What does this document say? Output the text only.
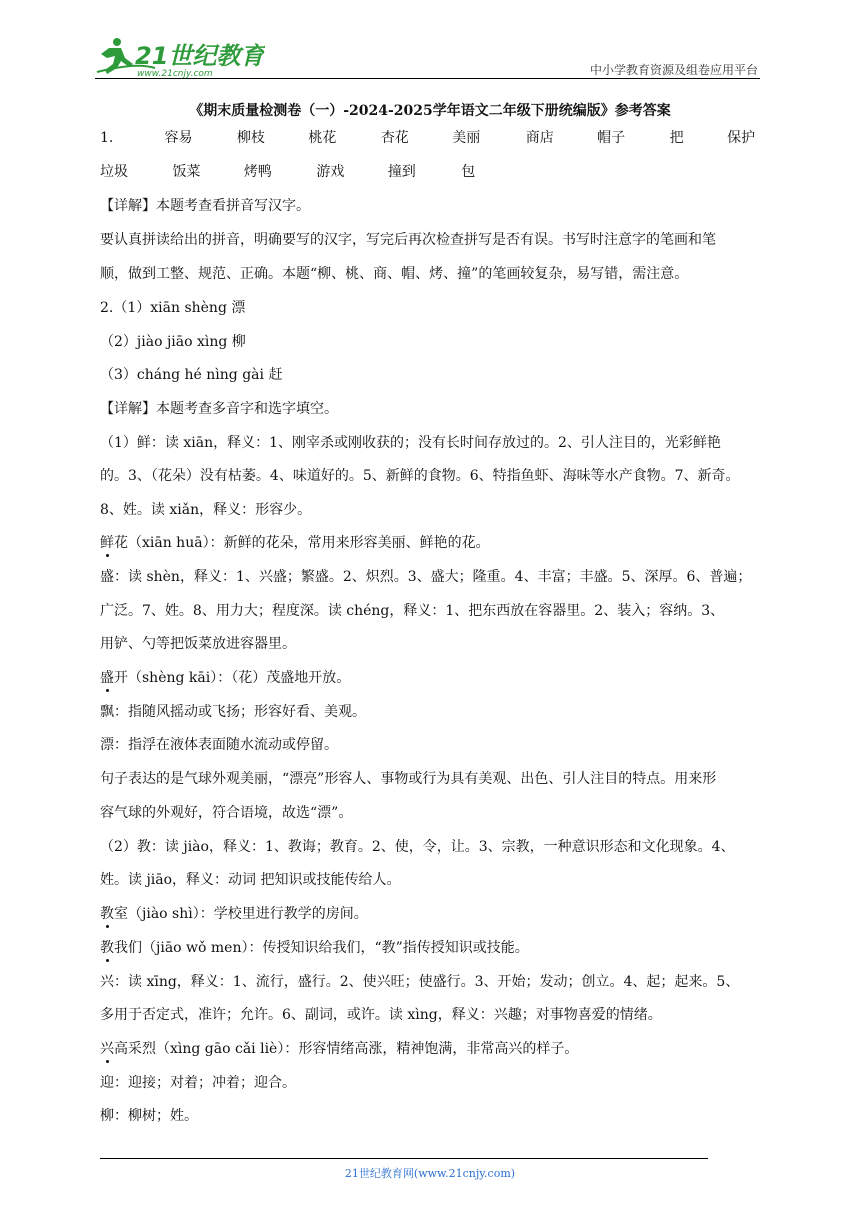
21世纪教育
www.21cnjy.com	中小学教育资源及组卷应用平台
《期末质量检测卷（一）-2024-2025学年语文二年级下册统编版》参考答案
1.	容易	柳枝	桃花	杏花	美丽	商店	帽子	把	保护
垃圾	饭菜	烤鸭	游戏	撞到	包
【详解】本题考查看拼音写汉字。
要认真拼读给出的拼音，明确要写的汉字，写完后再次检查拼写是否有误。书写时注意字的笔画和笔
顺，做到工整、规范、正确。本题“柳、桃、商、帽、烤、撞”的笔画较复杂，易写错，需注意。
2.（1）xiān shèng 漂
（2）jiào jiāo xìng 柳
（3）cháng hé nìng gài 赶
【详解】本题考查多音字和选字填空。
（1）鲜：读 xiān，释义：1、刚宰杀或刚收获的；没有长时间存放过的。2、引人注目的，光彩鲜艳
的。3、（花朵）没有枯萎。4、味道好的。5、新鲜的食物。6、特指鱼虾、海味等水产食物。7、新奇。
8、姓。读 xiǎn，释义：形容少。
鲜花（xiān huā）：新鲜的花朵，常用来形容美丽、鲜艳的花。
盛：读 shèn，释义：1、兴盛；繁盛。2、炽烈。3、盛大；隆重。4、丰富；丰盛。5、深厚。6、普遍；
广泛。7、姓。8、用力大；程度深。读 chéng，释义：1、把东西放在容器里。2、装入；容纳。3、
用铲、勺等把饭菜放进容器里。
盛开（shèng kāi）：（花）茂盛地开放。
飘：指随风摇动或飞扬；形容好看、美观。
漂：指浮在液体表面随水流动或停留。
句子表达的是气球外观美丽，“漂亮”形容人、事物或行为具有美观、出色、引人注目的特点。用来形
容气球的外观好，符合语境，故选“漂”。
（2）教：读 jiào，释义：1、教诲；教育。2、使，令，让。3、宗教，一种意识形态和文化现象。4、
姓。读 jiāo，释义：动词 把知识或技能传给人。
教室（jiào shì）：学校里进行教学的房间。
教我们（jiāo wǒ men）：传授知识给我们，“教”指传授知识或技能。
兴：读 xīng，释义：1、流行，盛行。2、使兴旺；使盛行。3、开始；发动；创立。4、起；起来。5、
多用于否定式，准许；允许。6、副词，或许。读 xìng，释义：兴趣；对事物喜爱的情绪。
兴高采烈（xìng gāo cǎi liè）：形容情绪高涨，精神饱满，非常高兴的样子。
迎：迎接；对着；冲着；迎合。
柳：柳树；姓。
21世纪教育网(www.21cnjy.com)
